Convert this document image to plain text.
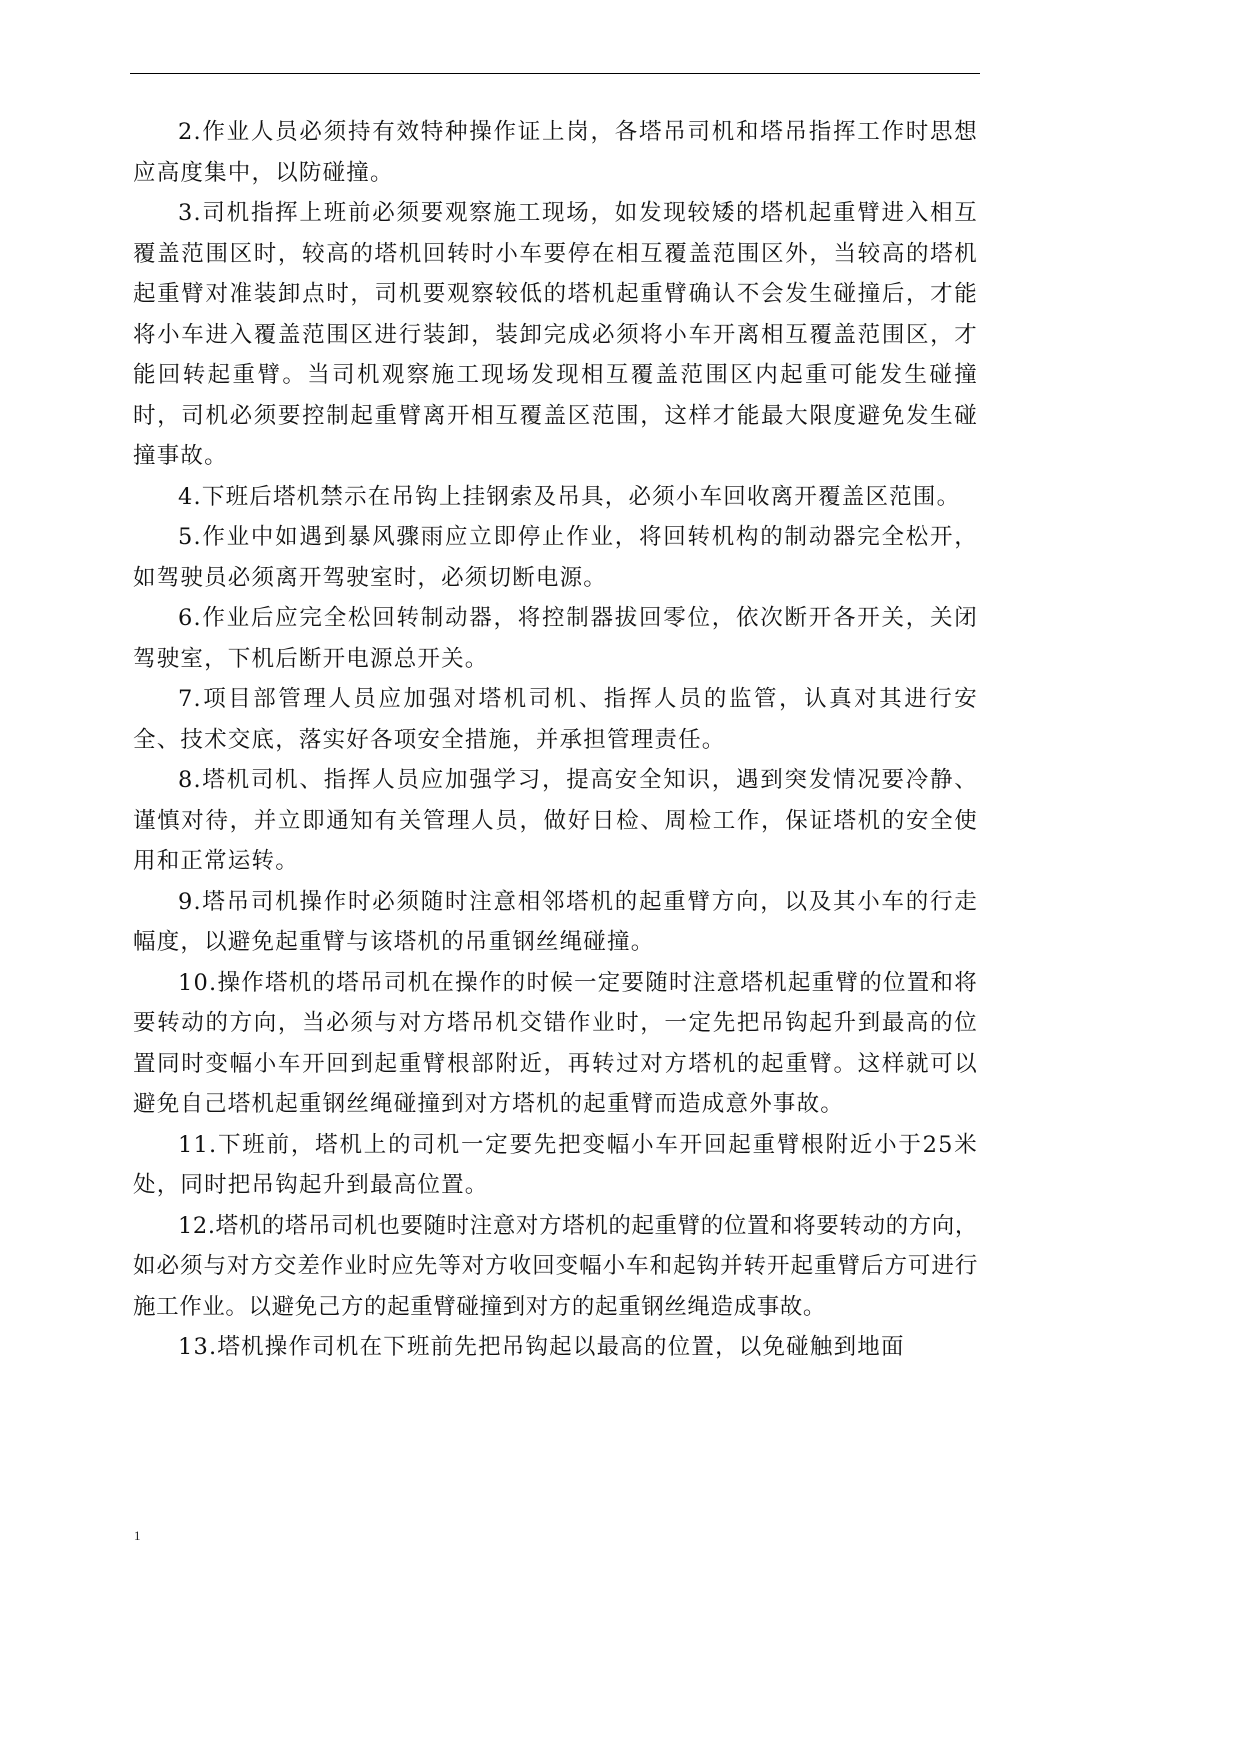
2.作业人员必须持有效特种操作证上岗，各塔吊司机和塔吊指挥工作时思想应高度集中，以防碰撞。

3.司机指挥上班前必须要观察施工现场，如发现较矮的塔机起重臂进入相互覆盖范围区时，较高的塔机回转时小车要停在相互覆盖范围区外，当较高的塔机起重臂对准装卸点时，司机要观察较低的塔机起重臂确认不会发生碰撞后，才能将小车进入覆盖范围区进行装卸，装卸完成必须将小车开离相互覆盖范围区，才能回转起重臂。当司机观察施工现场发现相互覆盖范围区内起重可能发生碰撞时，司机必须要控制起重臂离开相互覆盖区范围，这样才能最大限度避免发生碰撞事故。

4.下班后塔机禁示在吊钩上挂钢索及吊具，必须小车回收离开覆盖区范围。

5.作业中如遇到暴风骤雨应立即停止作业，将回转机构的制动器完全松开，如驾驶员必须离开驾驶室时，必须切断电源。

6.作业后应完全松回转制动器，将控制器拔回零位，依次断开各开关，关闭驾驶室，下机后断开电源总开关。

7.项目部管理人员应加强对塔机司机、指挥人员的监管，认真对其进行安全、技术交底，落实好各项安全措施，并承担管理责任。

8.塔机司机、指挥人员应加强学习，提高安全知识，遇到突发情况要冷静、谨慎对待，并立即通知有关管理人员，做好日检、周检工作，保证塔机的安全使用和正常运转。

9.塔吊司机操作时必须随时注意相邻塔机的起重臂方向，以及其小车的行走幅度，以避免起重臂与该塔机的吊重钢丝绳碰撞。

10.操作塔机的塔吊司机在操作的时候一定要随时注意塔机起重臂的位置和将要转动的方向，当必须与对方塔吊机交错作业时，一定先把吊钩起升到最高的位置同时变幅小车开回到起重臂根部附近，再转过对方塔机的起重臂。这样就可以避免自己塔机起重钢丝绳碰撞到对方塔机的起重臂而造成意外事故。

11.下班前，塔机上的司机一定要先把变幅小车开回起重臂根附近小于25米处，同时把吊钩起升到最高位置。

12.塔机的塔吊司机也要随时注意对方塔机的起重臂的位置和将要转动的方向，如必须与对方交差作业时应先等对方收回变幅小车和起钩并转开起重臂后方可进行施工作业。以避免己方的起重臂碰撞到对方的起重钢丝绳造成事故。

13.塔机操作司机在下班前先把吊钩起以最高的位置，以免碰触到地面

1
